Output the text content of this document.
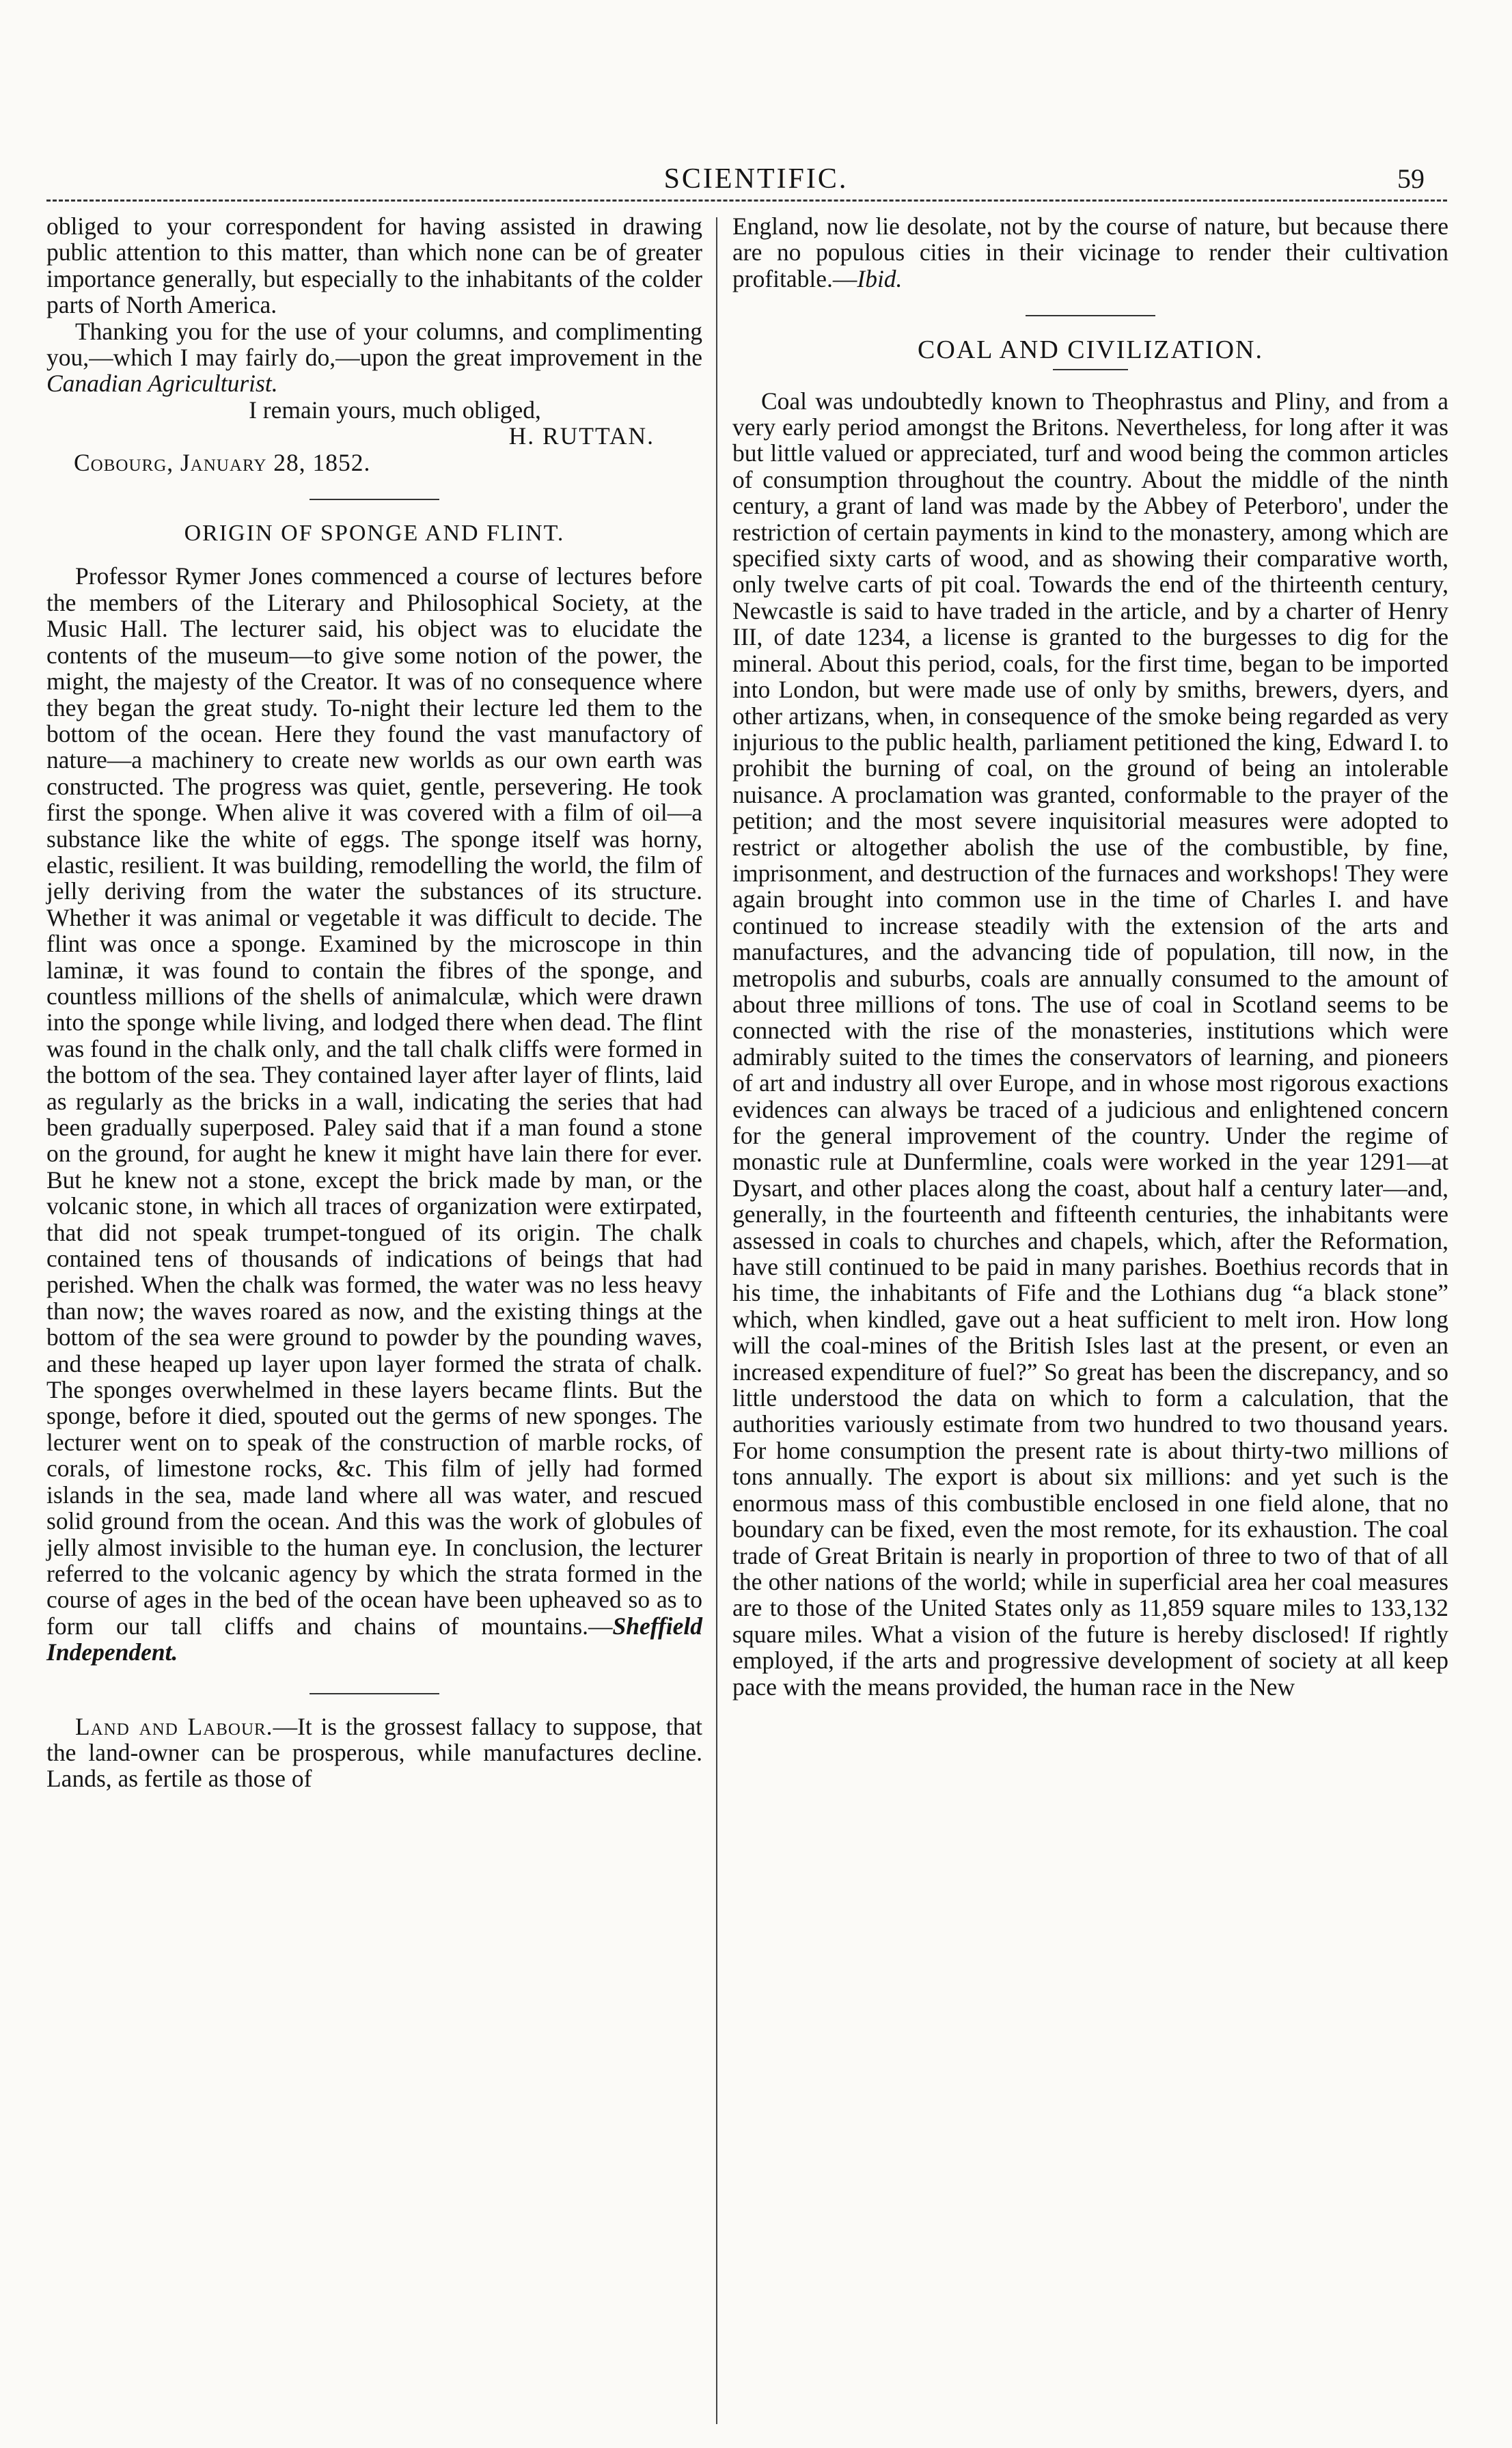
SCIENTIFIC.	59

obliged to your correspondent for having assisted in drawing public attention to this matter, than which none can be of greater importance generally, but especially to the inhabitants of the colder parts of North America.

Thanking you for the use of your columns, and complimenting you,—which I may fairly do,—upon the great improvement in the Canadian Agriculturist.

I remain yours, much obliged,

H. RUTTAN.

Cobourg, January 28, 1852.

ORIGIN OF SPONGE AND FLINT.

Professor Rymer Jones commenced a course of lectures before the members of the Literary and Philosophical Society, at the Music Hall. The lecturer said, his object was to elucidate the contents of the museum—to give some notion of the power, the might, the majesty of the Creator. It was of no consequence where they began the great study. To-night their lecture led them to the bottom of the ocean. Here they found the vast manufactory of nature—a machinery to create new worlds as our own earth was constructed. The progress was quiet, gentle, persevering. He took first the sponge. When alive it was covered with a film of oil—a substance like the white of eggs. The sponge itself was horny, elastic, resilient. It was building, remodelling the world, the film of jelly deriving from the water the substances of its structure. Whether it was animal or vegetable it was difficult to decide. The flint was once a sponge. Examined by the microscope in thin laminæ, it was found to contain the fibres of the sponge, and countless millions of the shells of animalculæ, which were drawn into the sponge while living, and lodged there when dead. The flint was found in the chalk only, and the tall chalk cliffs were formed in the bottom of the sea. They contained layer after layer of flints, laid as regularly as the bricks in a wall, indicating the series that had been gradually superposed. Paley said that if a man found a stone on the ground, for aught he knew it might have lain there for ever. But he knew not a stone, except the brick made by man, or the volcanic stone, in which all traces of organization were extirpated, that did not speak trumpet-tongued of its origin. The chalk contained tens of thousands of indications of beings that had perished. When the chalk was formed, the water was no less heavy than now; the waves roared as now, and the existing things at the bottom of the sea were ground to powder by the pounding waves, and these heaped up layer upon layer formed the strata of chalk. The sponges overwhelmed in these layers became flints. But the sponge, before it died, spouted out the germs of new sponges. The lecturer went on to speak of the construction of marble rocks, of corals, of limestone rocks, &c. This film of jelly had formed islands in the sea, made land where all was water, and rescued solid ground from the ocean. And this was the work of globules of jelly almost invisible to the human eye. In conclusion, the lecturer referred to the volcanic agency by which the strata formed in the course of ages in the bed of the ocean have been upheaved so as to form our tall cliffs and chains of mountains.—Sheffield Independent.

Land and Labour.—It is the grossest fallacy to suppose, that the land-owner can be prosperous, while manufactures decline. Lands, as fertile as those of

England, now lie desolate, not by the course of nature, but because there are no populous cities in their vicinage to render their cultivation profitable.—Ibid.

COAL AND CIVILIZATION.

Coal was undoubtedly known to Theophrastus and Pliny, and from a very early period amongst the Britons. Nevertheless, for long after it was but little valued or appreciated, turf and wood being the common articles of consumption throughout the country. About the middle of the ninth century, a grant of land was made by the Abbey of Peterboro', under the restriction of certain payments in kind to the monastery, among which are specified sixty carts of wood, and as showing their comparative worth, only twelve carts of pit coal. Towards the end of the thirteenth century, Newcastle is said to have traded in the article, and by a charter of Henry III, of date 1234, a license is granted to the burgesses to dig for the mineral. About this period, coals, for the first time, began to be imported into London, but were made use of only by smiths, brewers, dyers, and other artizans, when, in consequence of the smoke being regarded as very injurious to the public health, parliament petitioned the king, Edward I. to prohibit the burning of coal, on the ground of being an intolerable nuisance. A proclamation was granted, conformable to the prayer of the petition; and the most severe inquisitorial measures were adopted to restrict or altogether abolish the use of the combustible, by fine, imprisonment, and destruction of the furnaces and workshops! They were again brought into common use in the time of Charles I. and have continued to increase steadily with the extension of the arts and manufactures, and the advancing tide of population, till now, in the metropolis and suburbs, coals are annually consumed to the amount of about three millions of tons. The use of coal in Scotland seems to be connected with the rise of the monasteries, institutions which were admirably suited to the times the conservators of learning, and pioneers of art and industry all over Europe, and in whose most rigorous exactions evidences can always be traced of a judicious and enlightened concern for the general improvement of the country. Under the regime of monastic rule at Dunfermline, coals were worked in the year 1291—at Dysart, and other places along the coast, about half a century later—and, generally, in the fourteenth and fifteenth centuries, the inhabitants were assessed in coals to churches and chapels, which, after the Reformation, have still continued to be paid in many parishes. Boethius records that in his time, the inhabitants of Fife and the Lothians dug “a black stone” which, when kindled, gave out a heat sufficient to melt iron. How long will the coal-mines of the British Isles last at the present, or even an increased expenditure of fuel?” So great has been the discrepancy, and so little understood the data on which to form a calculation, that the authorities variously estimate from two hundred to two thousand years. For home consumption the present rate is about thirty-two millions of tons annually. The export is about six millions: and yet such is the enormous mass of this combustible enclosed in one field alone, that no boundary can be fixed, even the most remote, for its exhaustion. The coal trade of Great Britain is nearly in proportion of three to two of that of all the other nations of the world; while in superficial area her coal measures are to those of the United States only as 11,859 square miles to 133,132 square miles. What a vision of the future is hereby disclosed! If rightly employed, if the arts and progressive development of society at all keep pace with the means provided, the human race in the New
